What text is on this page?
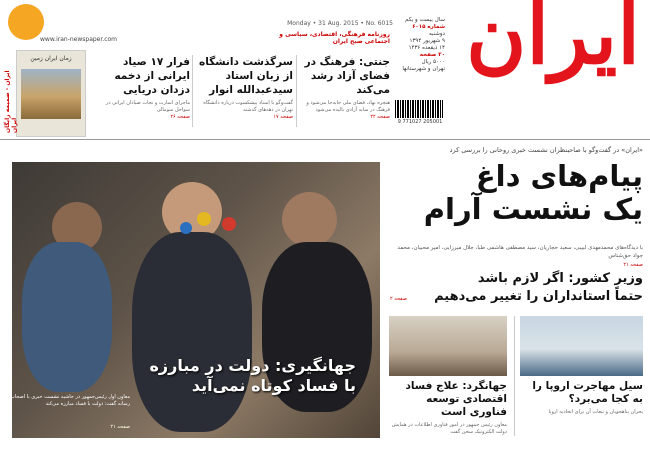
www.iran-newspaper.com
Monday • 31 Aug. 2015 • No. 6015
روزنامه فرهنگی، اقتصادی، سیاسی و اجتماعی صبح ایران ایران
سال بیست و یکم
شماره ۶۰۱۵
دوشنبه
۹ شهریور ۱۳۹۴
۱۴ ذیقعده ۱۴۳۶
۲۰ صفحه
۵۰۰۰ ریال
تهران و شهرستانها
9 771027 205001
جنتی: فرهنگ در فضای آزاد رشد می‌کند

هنجره نهاد، فضای ملی جابه‌جا می‌شود و فرهنگ در سایه آزادی بالیده می‌شود

صفحه ۲۲
سرگذشت دانشگاه از زبان استاد سیدعبدالله انوار

گفت‌وگو با استاد پیشکسوت درباره دانشگاه تهران در دهه‌های گذشته

صفحه ۱۷
فرار ۱۷ صیاد ایرانی از دخمه دزدان دریایی

ماجرای اسارت و نجات صیادان ایرانی در سواحل سومالی

صفحه ۲۶
زمان ایران زمین
ایران - ضمیمه رایگان ایران
«ایران» در گفت‌وگو با صاحبنظران نشست خبری روحانی را بررسی کرد
پیام‌های داغ
یک نشست آرام
با دیدگاه‌های محمدمهدی لبیبی، سعید حجاریان، سید مصطفی هاشمی طبا، جلال میرزایی، امیر محبیان، محمد جواد حق‌شناس
صفحه ۲۱
جهانگیری: دولت در مبارزه
با فساد کوتاه نمی‌آید
معاون اول رئیس‌جمهور در حاشیه نشست خبری با اصحاب رسانه گفت: دولت با فساد مبارزه می‌کند
صفحه ۲۱
وزیر کشور: اگر لازم باشد
حتماً استانداران را تغییر می‌دهیم
صفحه ۲
جهانگرد: علاج فساد اقتصادی توسعه فناوری است

معاون رئیس جمهور در امور فناوری اطلاعات در همایش دولت الکترونیک سخن گفت

سیل مهاجرت اروپا را به کجا می‌برد؟

بحران پناهجویان و تبعات آن برای اتحادیه اروپا
